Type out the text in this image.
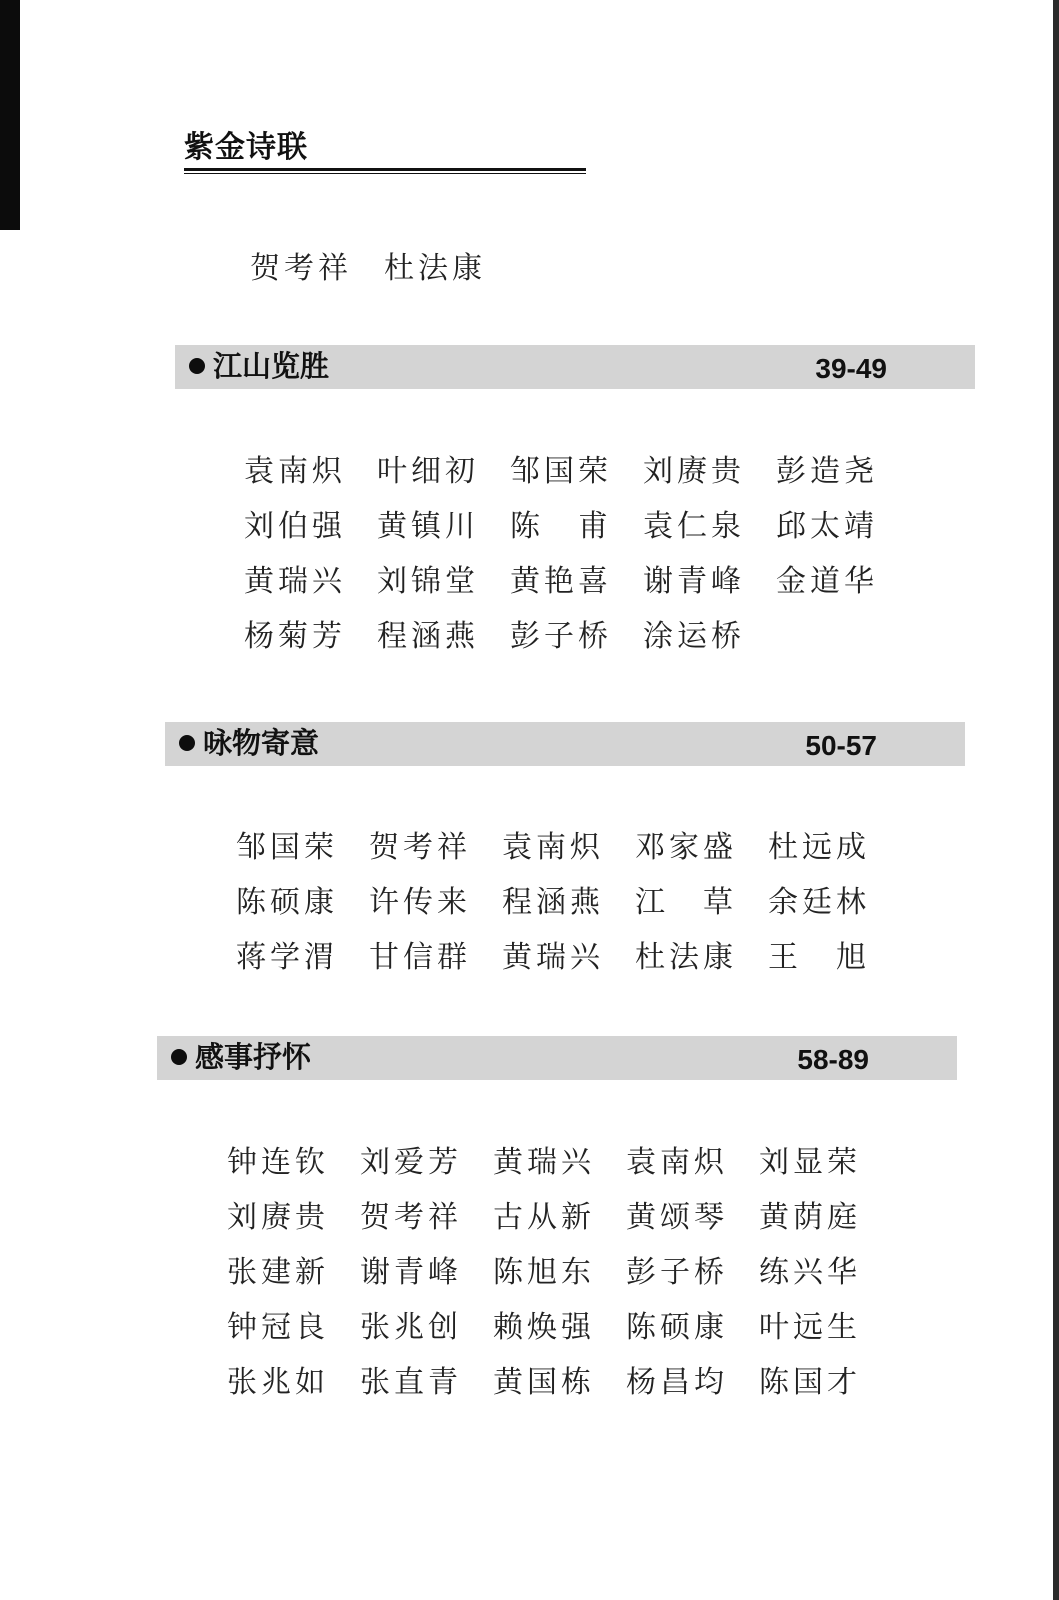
紫金诗联
贺考祥 杜法康
江山览胜	39-49
袁南炽	叶细初	邹国荣	刘赓贵	彭造尧
刘伯强	黄镇川	陈　甫	袁仁泉	邱太靖
黄瑞兴	刘锦堂	黄艳喜	谢青峰	金道华
杨菊芳	程涵燕	彭子桥	涂运桥
咏物寄意	50-57
邹国荣	贺考祥	袁南炽	邓家盛	杜远成
陈硕康	许传来	程涵燕	江　草	余廷林
蒋学渭	甘信群	黄瑞兴	杜法康	王　旭
感事抒怀	58-89
钟连钦	刘爱芳	黄瑞兴	袁南炽	刘显荣
刘赓贵	贺考祥	古从新	黄颂琴	黄荫庭
张建新	谢青峰	陈旭东	彭子桥	练兴华
钟冠良	张兆创	赖焕强	陈硕康	叶远生
张兆如	张直青	黄国栋	杨昌均	陈国才
